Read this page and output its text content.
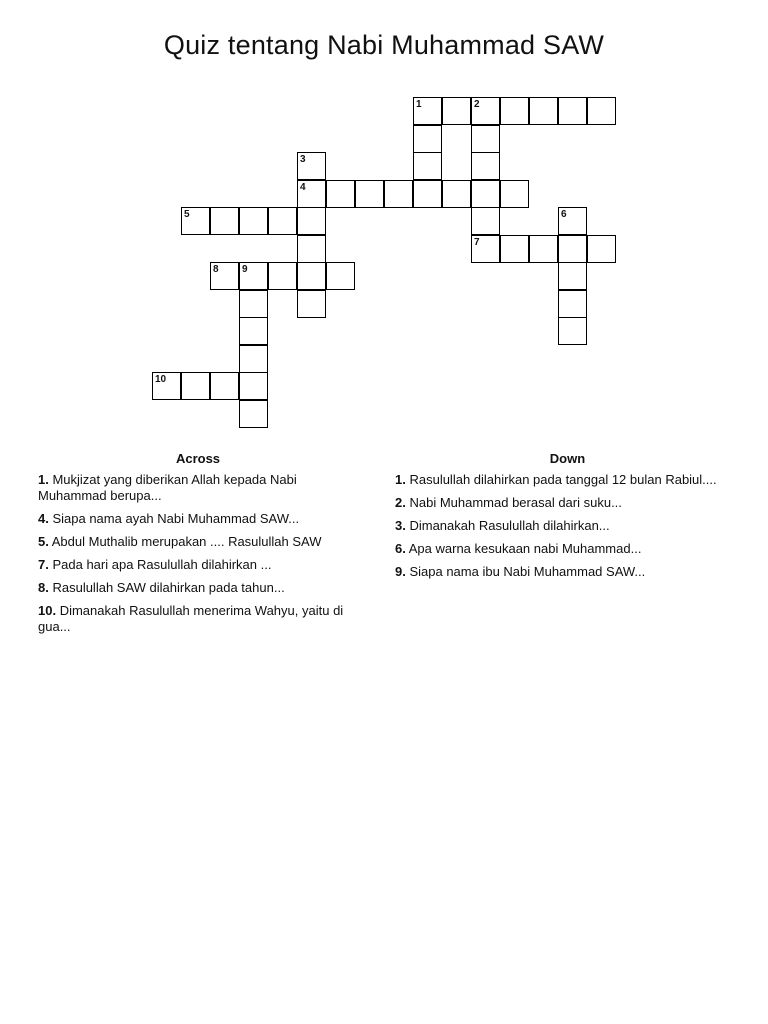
Quiz tentang Nabi Muhammad SAW
1	2
4
5
7
8 9
10
3
6
Across
1. Mukjizat yang diberikan Allah kepada Nabi Muhammad berupa...
4. Siapa nama ayah Nabi Muhammad SAW...
5. Abdul Muthalib merupakan .... Rasulullah SAW
7. Pada hari apa Rasulullah dilahirkan ...
8. Rasulullah SAW dilahirkan pada tahun...
10. Dimanakah Rasulullah menerima Wahyu, yaitu di gua...
Down
1. Rasulullah dilahirkan pada tanggal 12 bulan Rabiul....
2. Nabi Muhammad berasal dari suku...
3. Dimanakah Rasulullah dilahirkan...
6. Apa warna kesukaan nabi Muhammad...
9. Siapa nama ibu Nabi Muhammad SAW...
